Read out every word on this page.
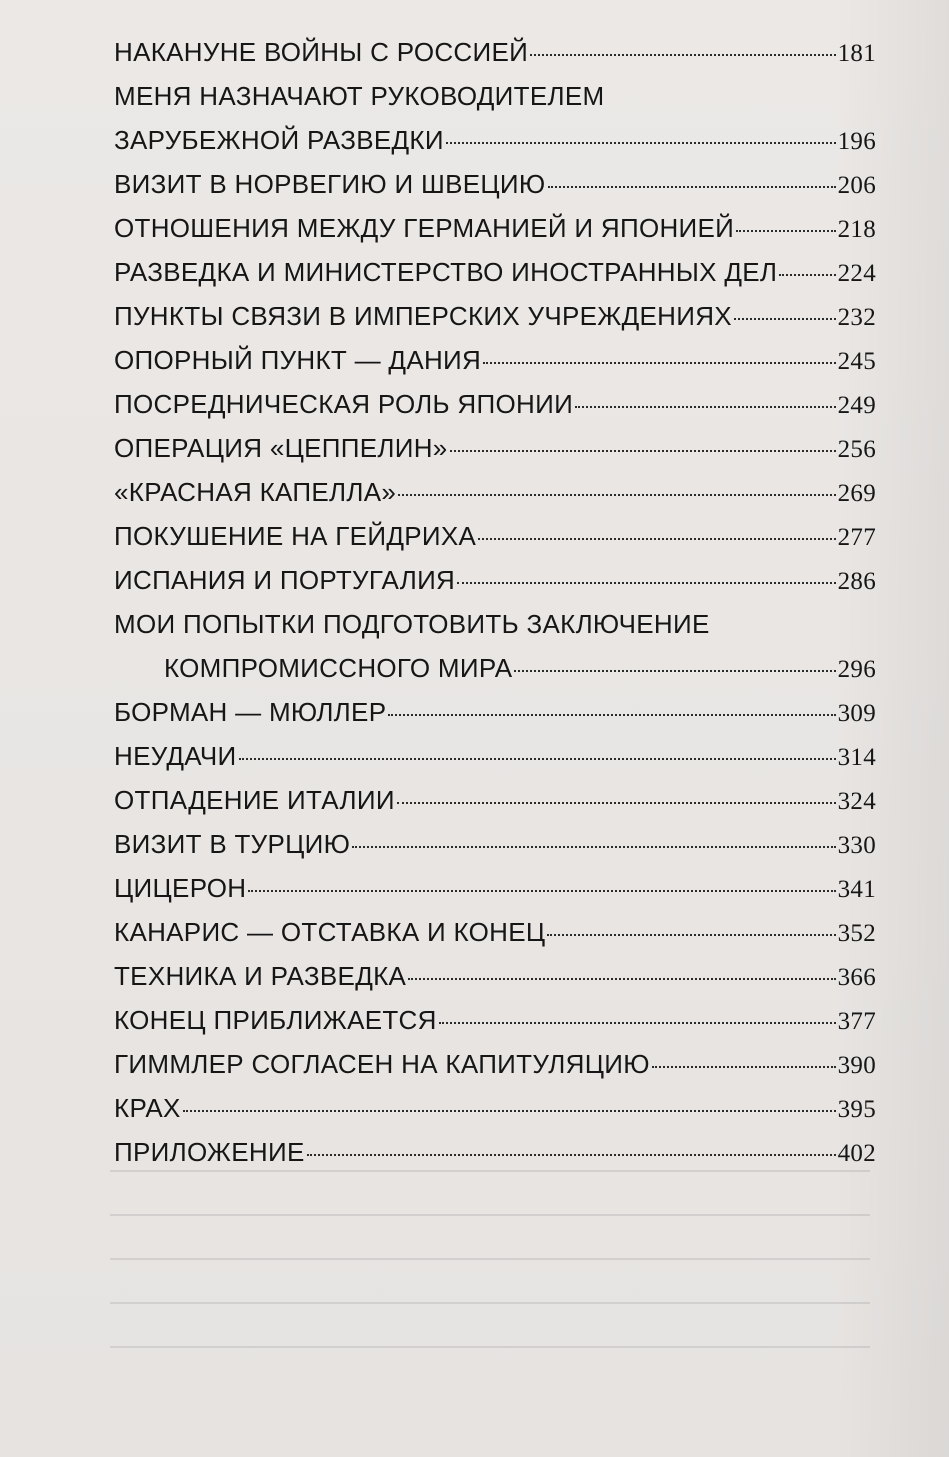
НАКАНУНЕ ВОЙНЫ С РОССИЕЙ	181
МЕНЯ НАЗНАЧАЮТ РУКОВОДИТЕЛЕМ
ЗАРУБЕЖНОЙ РАЗВЕДКИ	196
ВИЗИТ В НОРВЕГИЮ И ШВЕЦИЮ	206
ОТНОШЕНИЯ МЕЖДУ ГЕРМАНИЕЙ И ЯПОНИЕЙ	218
РАЗВЕДКА И МИНИСТЕРСТВО ИНОСТРАННЫХ ДЕЛ 224
ПУНКТЫ СВЯЗИ В ИМПЕРСКИХ УЧРЕЖДЕНИЯХ	232
ОПОРНЫЙ ПУНКТ — ДАНИЯ	245
ПОСРЕДНИЧЕСКАЯ РОЛЬ ЯПОНИИ	249
ОПЕРАЦИЯ «ЦЕППЕЛИН»	256
«КРАСНАЯ КАПЕЛЛА»	269
ПОКУШЕНИЕ НА ГЕЙДРИХА	277
ИСПАНИЯ И ПОРТУГАЛИЯ	286
МОИ ПОПЫТКИ ПОДГОТОВИТЬ ЗАКЛЮЧЕНИЕ
КОМПРОМИССНОГО МИРА	296
БОРМАН — МЮЛЛЕР	309
НЕУДАЧИ	314
ОТПАДЕНИЕ ИТАЛИИ	324
ВИЗИТ В ТУРЦИЮ	330
ЦИЦЕРОН	341
КАНАРИС — ОТСТАВКА И КОНЕЦ	352
ТЕХНИКА И РАЗВЕДКА	366
КОНЕЦ ПРИБЛИЖАЕТСЯ	377
ГИММЛЕР СОГЛАСЕН НА КАПИТУЛЯЦИЮ	390
КРАХ	395
ПРИЛОЖЕНИЕ	402
